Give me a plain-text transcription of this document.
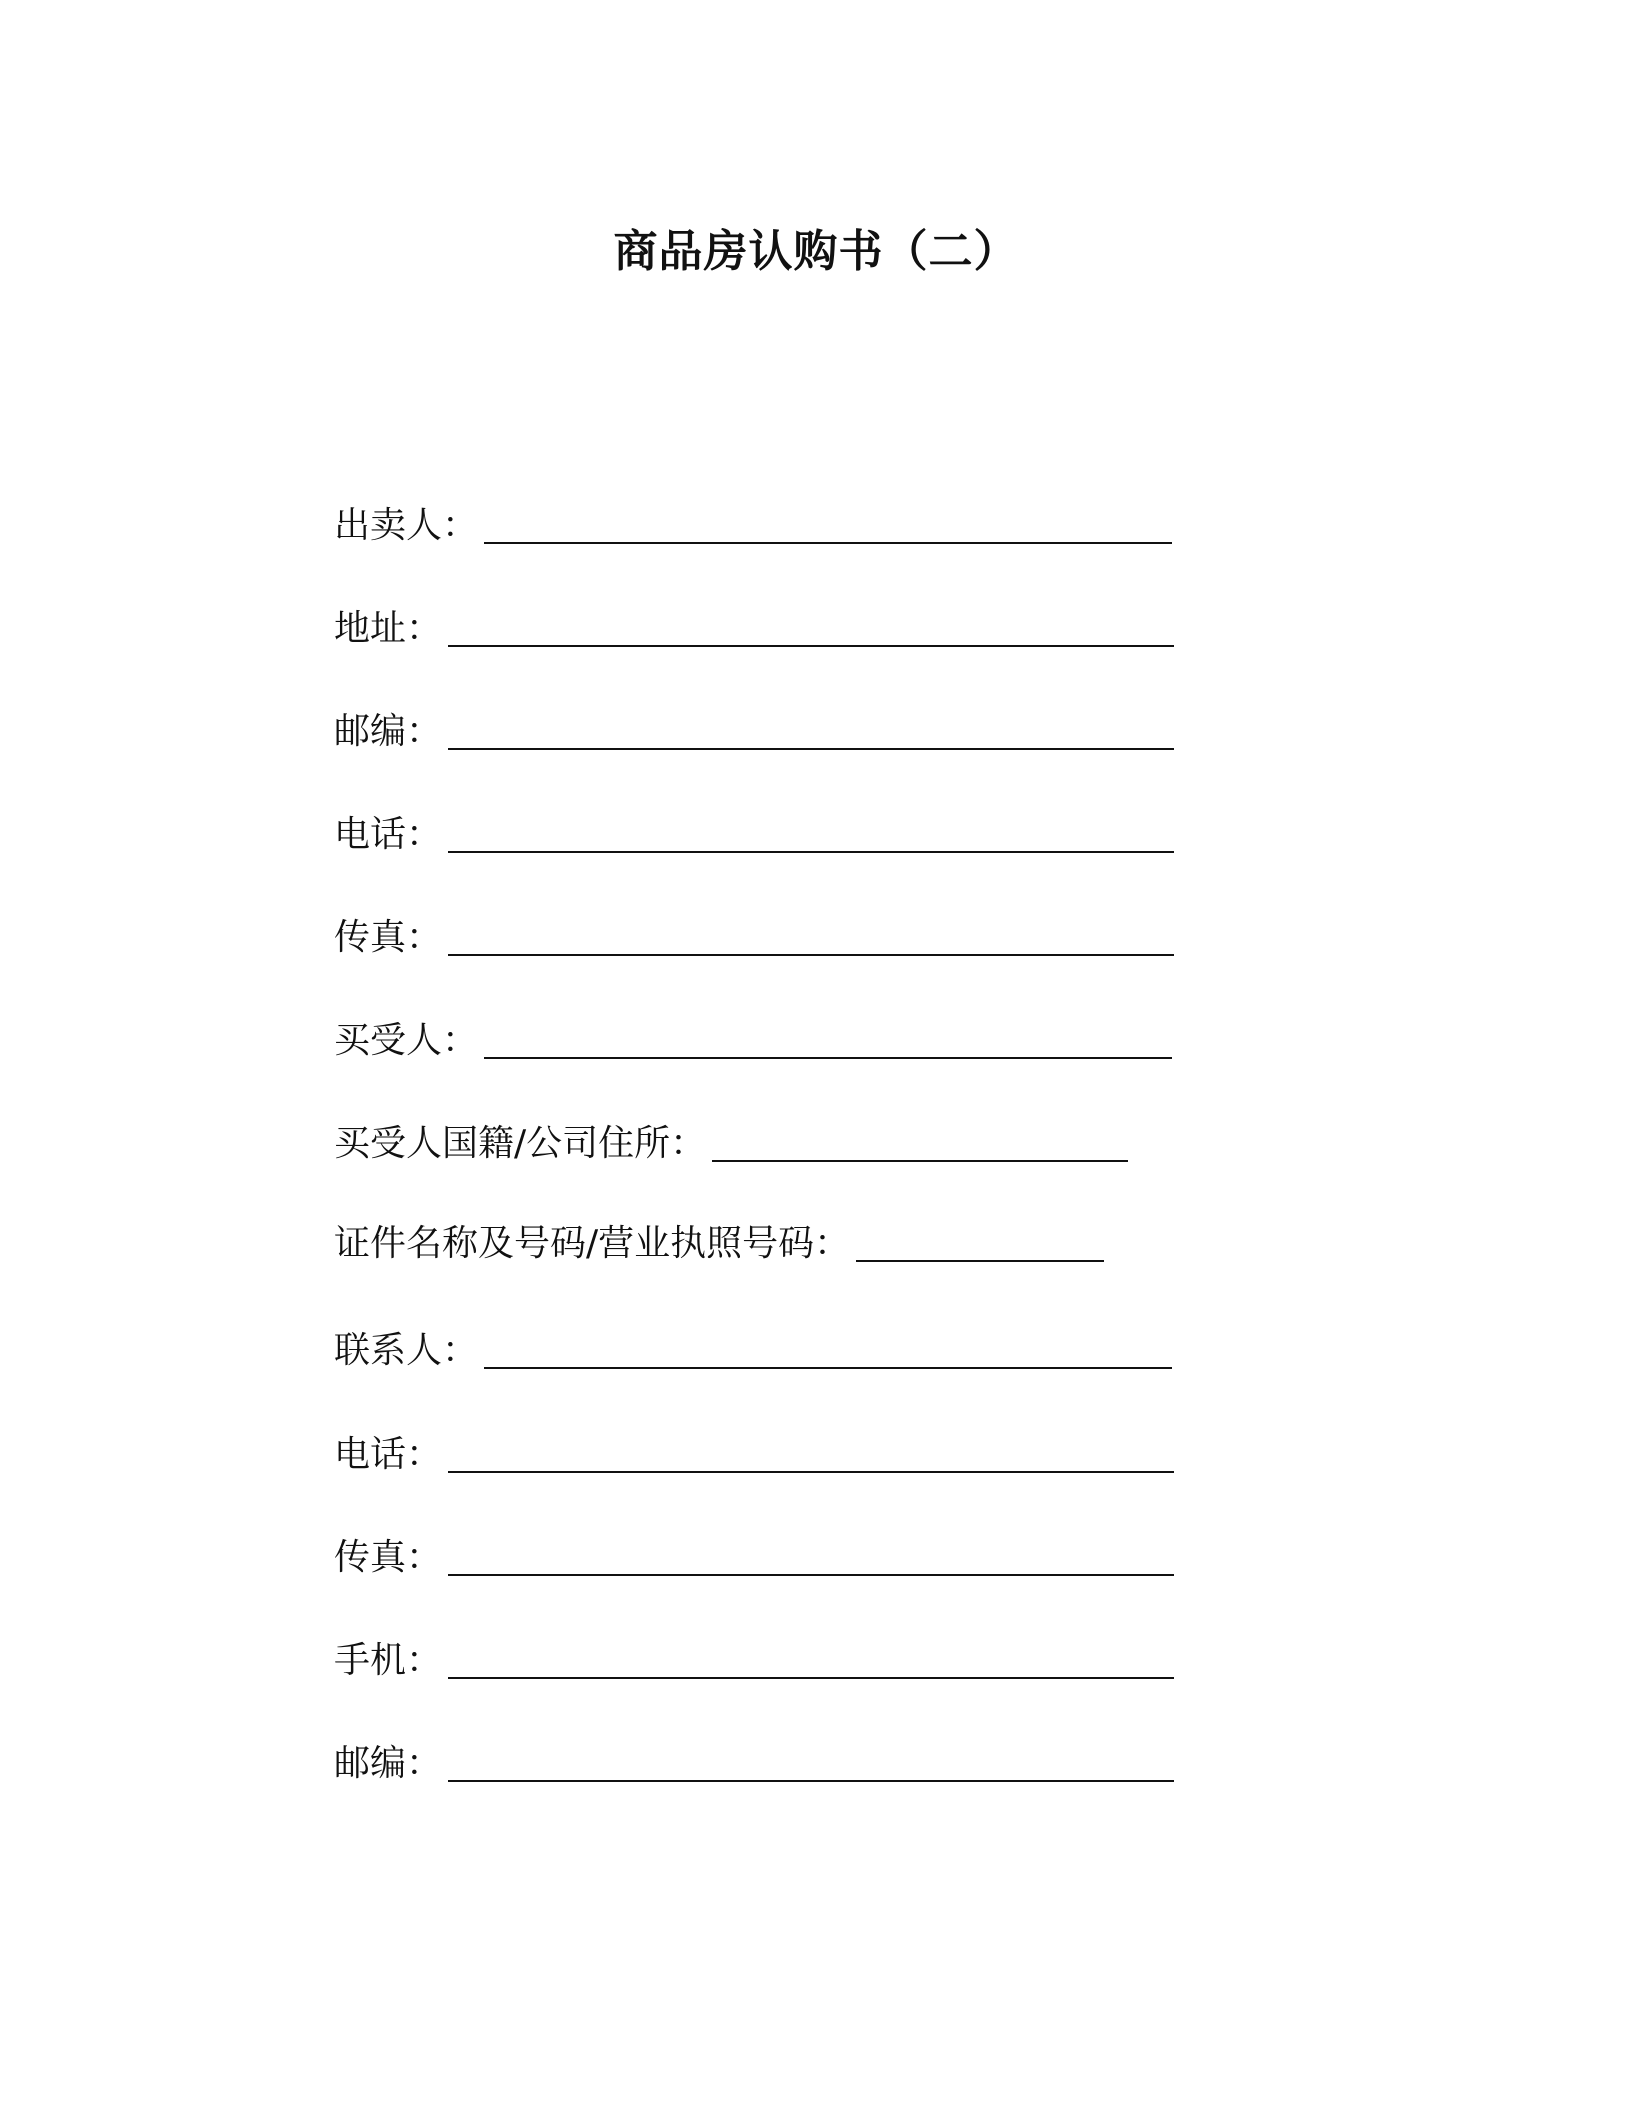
商品房认购书（二）
出卖人：
地址：
邮编：
电话：
传真：
买受人：
买受人国籍/公司住所：
证件名称及号码/营业执照号码：
联系人：
电话：
传真：
手机：
邮编：
